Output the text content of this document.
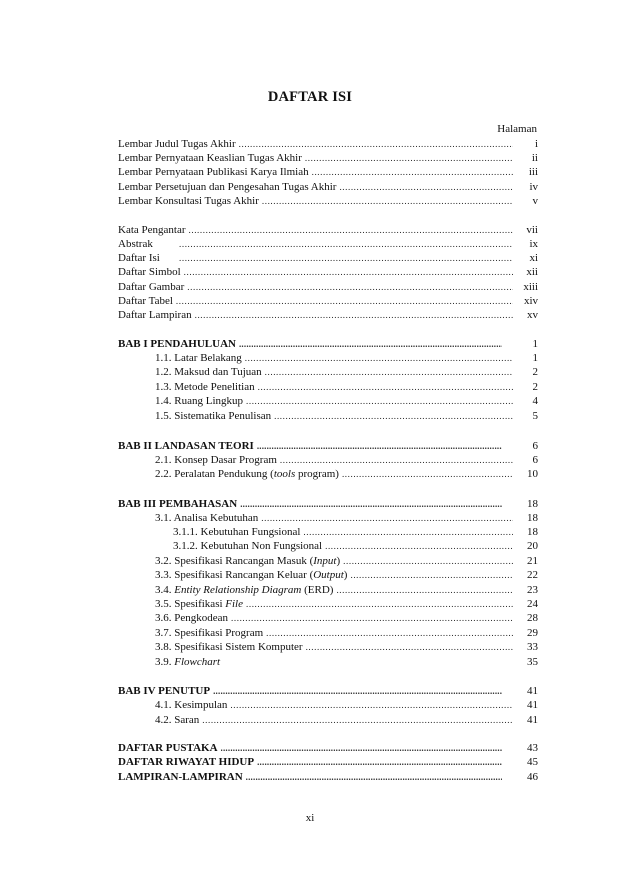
DAFTAR ISI
Halaman
Lembar Judul Tugas Akhir .....	i
Lembar Pernyataan Keaslian Tugas Akhir .....	ii
Lembar Pernyataan Publikasi Karya Ilmiah .....	iii
Lembar Persetujuan dan Pengesahan Tugas Akhir .....	iv
Lembar Konsultasi Tugas Akhir .....	v
Kata Pengantar .....	vii
Abstrak .....	ix
Daftar Isi .....	xi
Daftar Simbol .....	xii
Daftar Gambar .....	xiii
Daftar Tabel .....	xiv
Daftar Lampiran .....	xv
BAB I PENDAHULUAN .....	1
1.1. Latar Belakang .....	1
1.2. Maksud dan Tujuan .....	2
1.3. Metode Penelitian .....	2
1.4. Ruang Lingkup .....	4
1.5. Sistematika Penulisan .....	5
BAB II LANDASAN TEORI .....	6
2.1. Konsep Dasar Program .....	6
2.2. Peralatan Pendukung (tools program) .....	10
BAB III PEMBAHASAN .....	18
3.1. Analisa Kebutuhan .....	18
3.1.1. Kebutuhan Fungsional .....	18
3.1.2. Kebutuhan Non Fungsional .....	20
3.2. Spesifikasi Rancangan Masuk (Input) .....	21
3.3. Spesifikasi Rancangan Keluar (Output) .....	22
3.4. Entity Relationship Diagram (ERD) .....	23
3.5. Spesifikasi File .....	24
3.6. Pengkodean .....	28
3.7. Spesifikasi Program .....	29
3.8. Spesifikasi Sistem Komputer .....	33
3.9. Flowchart	35
BAB IV PENUTUP .....	41
4.1. Kesimpulan .....	41
4.2. Saran .....	41
DAFTAR PUSTAKA .....	43
DAFTAR RIWAYAT HIDUP .....	45
LAMPIRAN-LAMPIRAN .....	46
xi
